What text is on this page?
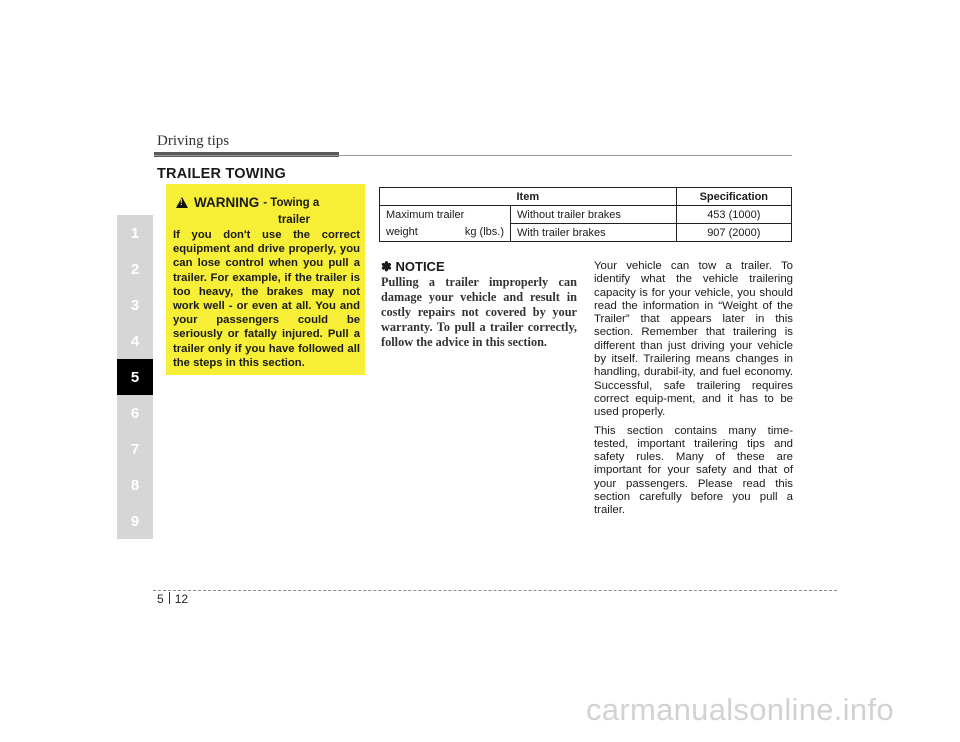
Driving tips
TRAILER TOWING
1
2
3
4
5
6
7
8
9
!
WARNING - Towing a
trailer
If you don't use the correct equipment and drive properly, you can lose control when you pull a trailer. For example, if the trailer is too heavy, the brakes may not work well - or even at all. You and your passengers could be seriously or fatally injured. Pull a trailer only if you have followed all the steps in this section.
Item		Specification
Maximum trailer	Without trailer brakes	453 (1000)
weight kg (lbs.)	With trailer brakes	907 (2000)
✽ NOTICE
Pulling a trailer improperly can damage your vehicle and result in costly repairs not covered by your warranty. To pull a trailer correctly, follow the advice in this section.

Your vehicle can tow a trailer. To identify what the vehicle trailering capacity is for your vehicle, you should read the information in “Weight of the Trailer” that appears later in this section. Remember that trailering is different than just driving your vehicle by itself. Trailering means changes in handling, durabil-ity, and fuel economy. Successful, safe trailering requires correct equip-ment, and it has to be used properly.

This section contains many time-tested, important trailering tips and safety rules. Many of these are important for your safety and that of your passengers. Please read this section carefully before you pull a trailer.

5 12
carmanualsonline.info
